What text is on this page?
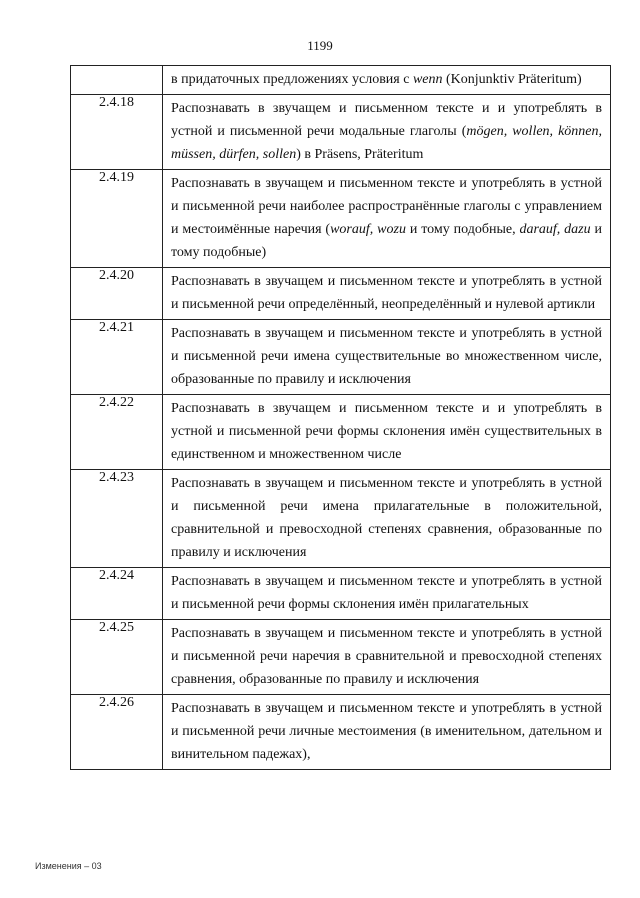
1199

	в придаточных предложениях условия с wenn (Konjunktiv Präteritum)

2.4.18	Распознавать в звучащем и письменном тексте и и употреблять в устной и письменной речи модальные глаголы (mögen, wollen, können, müssen, dürfen, sollen) в Präsens, Präteritum

2.4.19	Распознавать в звучащем и письменном тексте и употреблять в устной и письменной речи наиболее распространённые глаголы с управлением и местоимённые наречия (worauf, wozu и тому подобные, darauf, dazu и тому подобные)

2.4.20	Распознавать в звучащем и письменном тексте и употреблять в устной и письменной речи определённый, неопределённый и нулевой артикли

2.4.21	Распознавать в звучащем и письменном тексте и употреблять в устной и письменной речи имена существительные во множественном числе, образованные по правилу и исключения

2.4.22	Распознавать в звучащем и письменном тексте и и употреблять в устной и письменной речи формы склонения имён существительных в единственном и множественном числе

2.4.23	Распознавать в звучащем и письменном тексте и употреблять в устной и письменной речи имена прилагательные в положительной, сравнительной и превосходной степенях сравнения, образованные по правилу и исключения

2.4.24	Распознавать в звучащем и письменном тексте и употреблять в устной и письменной речи формы склонения имён прилагательных

2.4.25	Распознавать в звучащем и письменном тексте и употреблять в устной и письменной речи наречия в сравнительной и превосходной степенях сравнения, образованные по правилу и исключения

2.4.26	Распознавать в звучащем и письменном тексте и употреблять в устной и письменной речи личные местоимения (в именительном, дательном и винительном падежах),
Изменения – 03
